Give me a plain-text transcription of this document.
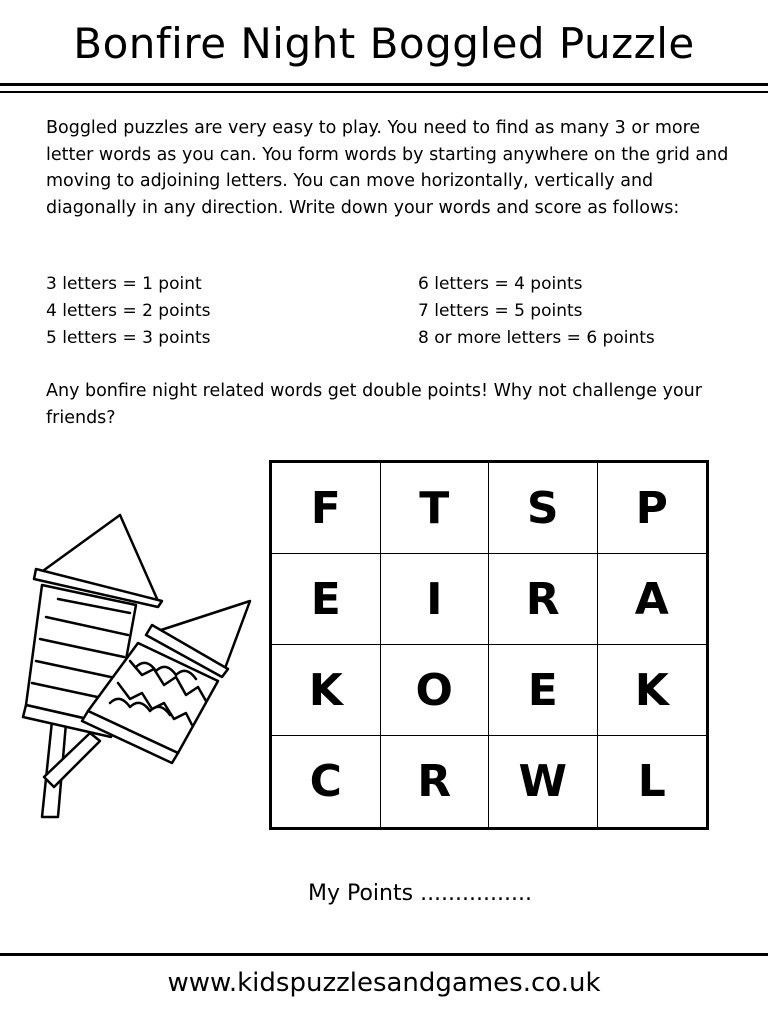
Bonfire Night Boggled Puzzle

Boggled puzzles are very easy to play. You need to find as many 3 or more letter words as you can. You form words by starting anywhere on the grid and moving to adjoining letters. You can move horizontally, vertically and diagonally in any direction. Write down your words and score as follows:

3 letters = 1 point
4 letters = 2 points
5 letters = 3 points
6 letters = 4 points
7 letters = 5 points
8 or more letters = 6 points

Any bonfire night related words get double points! Why not challenge your friends?

F	T	S	P
E	I	R	A
K	O	E	K
C	R	W	L
My Points ................
www.kidspuzzlesandgames.co.uk
